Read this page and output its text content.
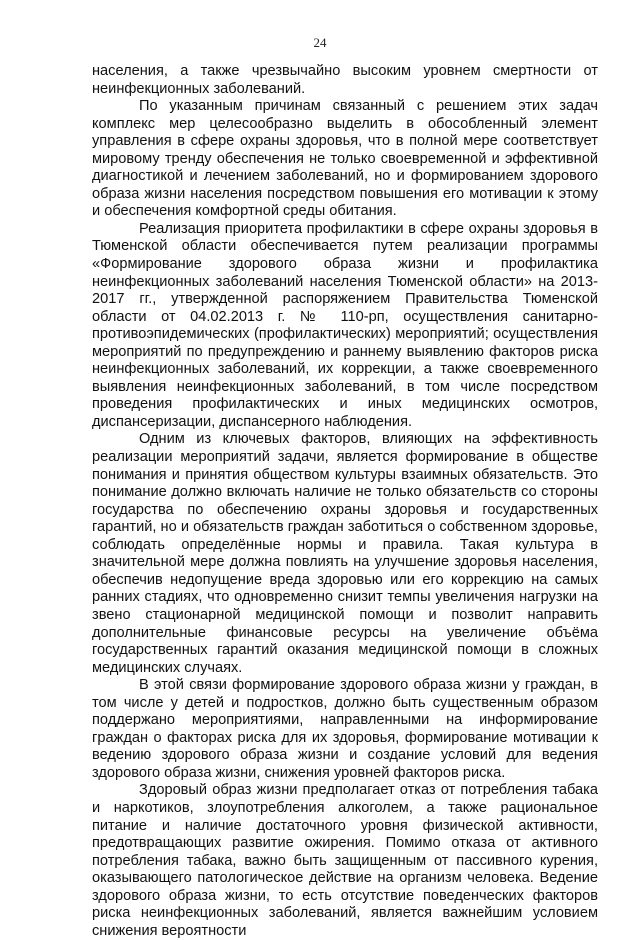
24

населения, а также чрезвычайно высоким уровнем смертности от неинфекционных заболеваний.

По указанным причинам связанный с решением этих задач комплекс мер целесообразно выделить в обособленный элемент управления в сфере охраны здоровья, что в полной мере соответствует мировому тренду обеспечения не только своевременной и эффективной диагностикой и лечением заболеваний, но и формированием здорового образа жизни населения посредством повышения его мотивации к этому и обеспечения комфортной среды обитания.

Реализация приоритета профилактики в сфере охраны здоровья в Тюменской области обеспечивается путем реализации программы «Формирование здорового образа жизни и профилактика неинфекционных заболеваний населения Тюменской области» на 2013-2017 гг., утвержденной распоряжением Правительства Тюменской области от 04.02.2013 г. № 110-рп, осуществления санитарно-противоэпидемических (профилактических) мероприятий; осуществления мероприятий по предупреждению и раннему выявлению факторов риска неинфекционных заболеваний, их коррекции, а также своевременного выявления неинфекционных заболеваний, в том числе посредством проведения профилактических и иных медицинских осмотров, диспансеризации, диспансерного наблюдения.

Одним из ключевых факторов, влияющих на эффективность реализации мероприятий задачи, является формирование в обществе понимания и принятия обществом культуры взаимных обязательств. Это понимание должно включать наличие не только обязательств со стороны государства по обеспечению охраны здоровья и государственных гарантий, но и обязательств граждан заботиться о собственном здоровье, соблюдать определённые нормы и правила. Такая культура в значительной мере должна повлиять на улучшение здоровья населения, обеспечив недопущение вреда здоровью или его коррекцию на самых ранних стадиях, что одновременно снизит темпы увеличения нагрузки на звено стационарной медицинской помощи и позволит направить дополнительные финансовые ресурсы на увеличение объёма государственных гарантий оказания медицинской помощи в сложных медицинских случаях.

В этой связи формирование здорового образа жизни у граждан, в том числе у детей и подростков, должно быть существенным образом поддержано мероприятиями, направленными на информирование граждан о факторах риска для их здоровья, формирование мотивации к ведению здорового образа жизни и создание условий для ведения здорового образа жизни, снижения уровней факторов риска.

Здоровый образ жизни предполагает отказ от потребления табака и наркотиков, злоупотребления алкоголем, а также рациональное питание и наличие достаточного уровня физической активности, предотвращающих развитие ожирения. Помимо отказа от активного потребления табака, важно быть защищенным от пассивного курения, оказывающего патологическое действие на организм человека. Ведение здорового образа жизни, то есть отсутствие поведенческих факторов риска неинфекционных заболеваний, является важнейшим условием снижения вероятности
